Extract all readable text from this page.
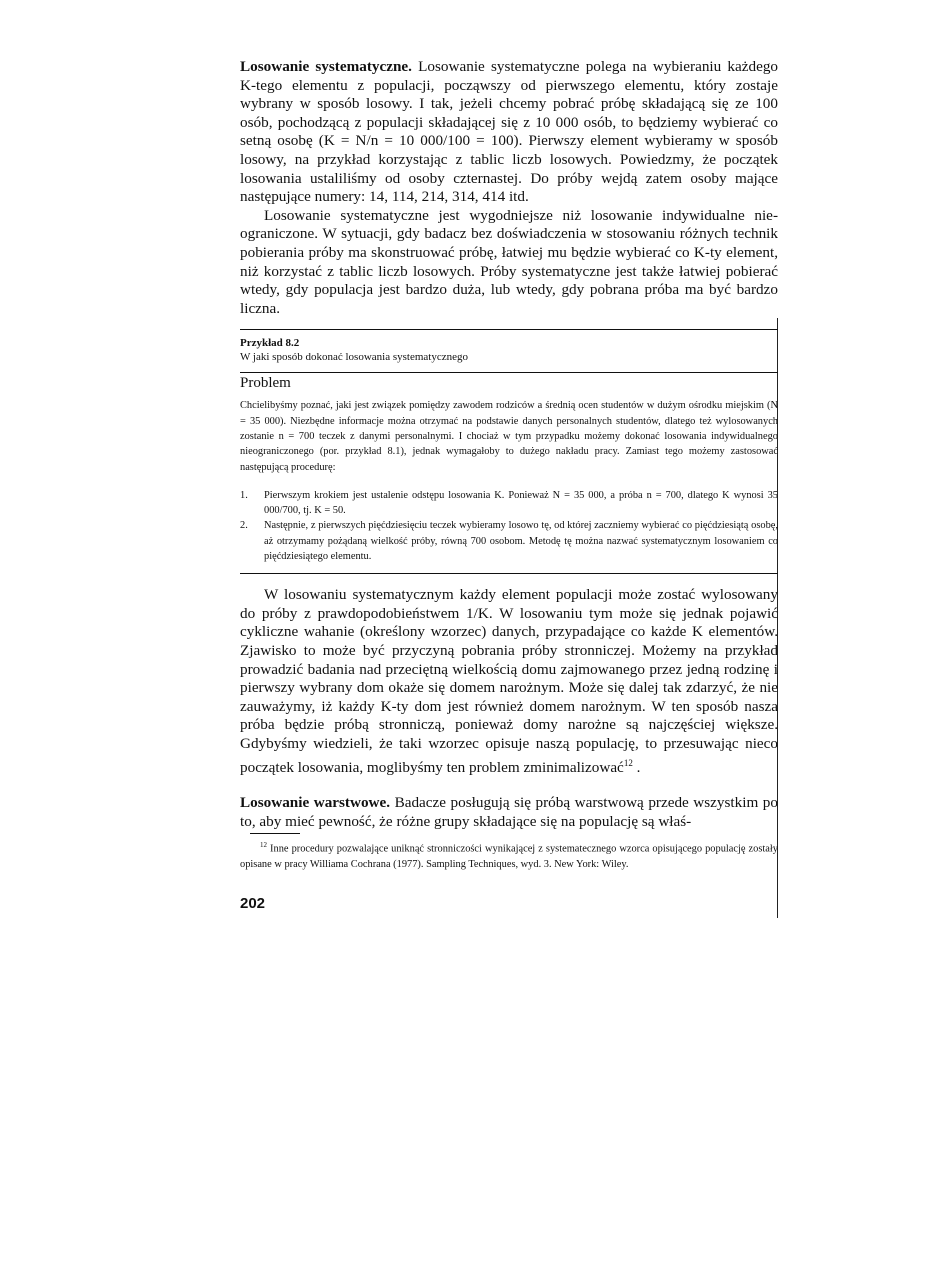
Losowanie systematyczne. Losowanie systematyczne polega na wybieraniu każdego K-tego elementu z populacji, począwszy od pierwszego elementu, który zostaje wybrany w sposób losowy. I tak, jeżeli chcemy pobrać próbę składającą się ze 100 osób, pochodzącą z populacji składającej się z 10 000 osób, to będziemy wybierać co setną osobę (K = N/n = 10 000/100 = 100). Pierwszy element wybieramy w sposób losowy, na przykład korzystając z tablic liczb losowych. Powiedzmy, że początek losowania ustaliliśmy od osoby czternastej. Do próby wejdą zatem osoby mające następujące numery: 14, 114, 214, 314, 414 itd.

Losowanie systematyczne jest wygodniejsze niż losowanie indywidualne nieograniczone. W sytuacji, gdy badacz bez doświadczenia w stosowaniu różnych technik pobierania próby ma skonstruować próbę, łatwiej mu będzie wybierać co K-ty element, niż korzystać z tablic liczb losowych. Próby systematyczne jest także łatwiej pobierać wtedy, gdy populacja jest bardzo duża, lub wtedy, gdy pobrana próba ma być bardzo liczna.

Przykład 8.2

W jaki sposób dokonać losowania systematycznego

Problem

Chcielibyśmy poznać, jaki jest związek pomiędzy zawodem rodziców a średnią ocen studentów w dużym ośrodku miejskim (N = 35 000). Niezbędne informacje można otrzymać na podstawie danych personalnych studentów, dlatego też wylosowanych zostanie n = 700 teczek z danymi personalnymi. I chociaż w tym przypadku możemy dokonać losowania indywidualnego nieograniczonego (por. przykład 8.1), jednak wymagałoby to dużego nakładu pracy. Zamiast tego możemy zastosować następującą procedurę:

1.	Pierwszym krokiem jest ustalenie odstępu losowania K. Ponieważ N = 35 000, a próba n = 700, dlatego K wynosi 35 000/700, tj. K = 50.
2.	Następnie, z pierwszych pięćdziesięciu teczek wybieramy losowo tę, od której zaczniemy wybierać co pięćdziesiątą osobę, aż otrzymamy pożądaną wielkość próby, równą 700 osobom. Metodę tę można nazwać systematycznym losowaniem co pięćdziesiątego elementu.

W losowaniu systematycznym każdy element populacji może zostać wylosowany do próby z prawdopodobieństwem 1/K. W losowaniu tym może się jednak pojawić cykliczne wahanie (określony wzorzec) danych, przypadające co każde K elementów. Zjawisko to może być przyczyną pobrania próby stronniczej. Możemy na przykład prowadzić badania nad przeciętną wielkością domu zajmowanego przez jedną rodzinę i pierwszy wybrany dom okaże się domem narożnym. Może się dalej tak zdarzyć, że nie zauważymy, iż każdy K-ty dom jest również domem narożnym. W ten sposób nasza próba będzie próbą stronniczą, ponieważ domy narożne są najczęściej większe. Gdybyśmy wiedzieli, że taki wzorzec opisuje naszą populację, to przesuwając nieco początek losowania, moglibyśmy ten problem zminimalizować$^{12}$ .

Losowanie warstwowe. Badacze posługują się próbą warstwową przede wszystkim po to, aby mieć pewność, że różne grupy składające się na populację są właś-

$^{12}$ Inne procedury pozwalające uniknąć stronniczości wynikającej z systematecznego wzorca opisującego populację zostały opisane w pracy Williama Cochrana (1977). Sampling Techniques, wyd. 3. New York: Wiley.

202
